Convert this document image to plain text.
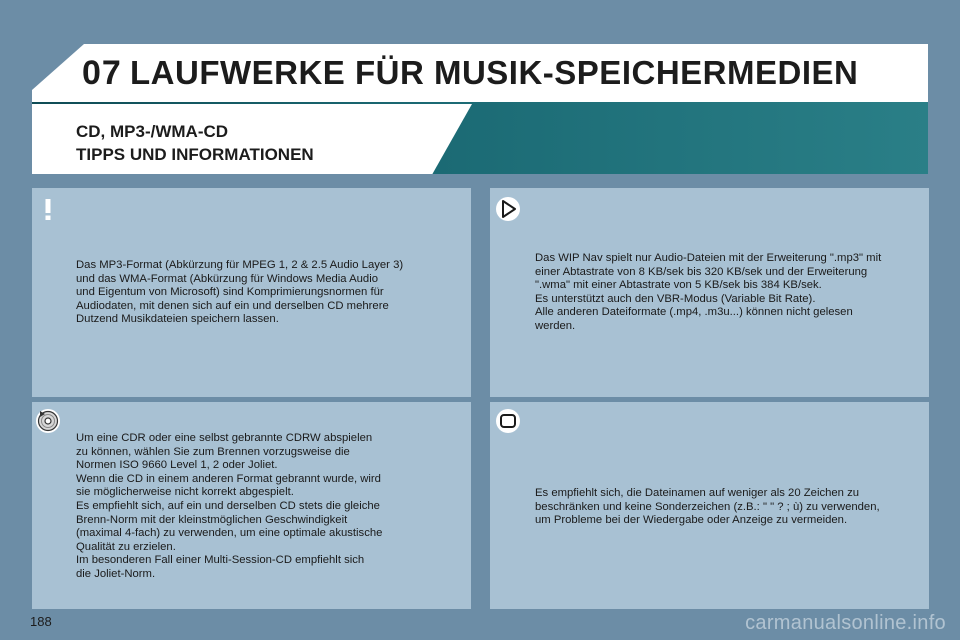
07 LAUFWERKE FÜR MUSIK-SPEICHERMEDIEN
CD, MP3-/WMA-CD
TIPPS UND INFORMATIONEN
Das MP3-Format (Abkürzung für MPEG 1, 2 & 2.5 Audio Layer 3)
und das WMA-Format (Abkürzung für Windows Media Audio
und Eigentum von Microsoft) sind Komprimierungsnormen für
Audiodaten, mit denen sich auf ein und derselben CD mehrere
Dutzend Musikdateien speichern lassen.
Das WIP Nav spielt nur Audio-Dateien mit der Erweiterung ".mp3" mit
einer Abtastrate von 8 KB/sek bis 320 KB/sek und der Erweiterung
".wma" mit einer Abtastrate von 5 KB/sek bis 384 KB/sek.
Es unterstützt auch den VBR-Modus (Variable Bit Rate).
Alle anderen Dateiformate (.mp4, .m3u...) können nicht gelesen
werden.
Um eine CDR oder eine selbst gebrannte CDRW abspielen
zu können, wählen Sie zum Brennen vorzugsweise die
Normen ISO 9660 Level 1, 2 oder Joliet.
Wenn die CD in einem anderen Format gebrannt wurde, wird
sie möglicherweise nicht korrekt abgespielt.
Es empfiehlt sich, auf ein und derselben CD stets die gleiche
Brenn-Norm mit der kleinstmöglichen Geschwindigkeit
(maximal 4-fach) zu verwenden, um eine optimale akustische
Qualität zu erzielen.
Im besonderen Fall einer Multi-Session-CD empfiehlt sich
die Joliet-Norm.
Es empfiehlt sich, die Dateinamen auf weniger als 20 Zeichen zu
beschränken und keine Sonderzeichen (z.B.: " " ? ; ù) zu verwenden,
um Probleme bei der Wiedergabe oder Anzeige zu vermeiden.
188	carmanualsonline.info
